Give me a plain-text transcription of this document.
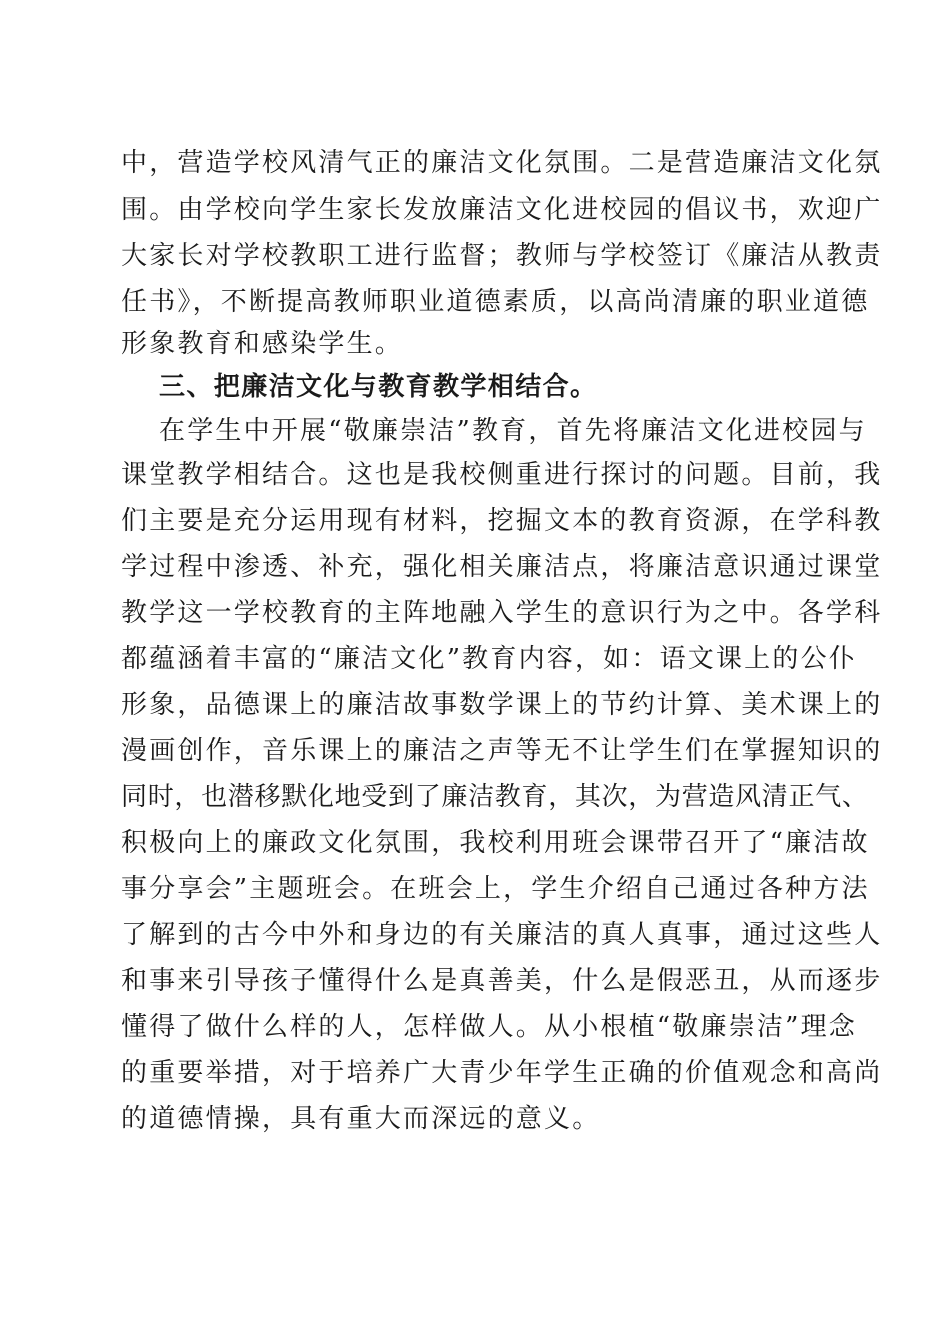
中，营造学校风清气正的廉洁文化氛围。二是营造廉洁文化氛
围。由学校向学生家长发放廉洁文化进校园的倡议书，欢迎广
大家长对学校教职工进行监督；教师与学校签订《廉洁从教责
任书》，不断提高教师职业道德素质，以高尚清廉的职业道德
形象教育和感染学生。
三、把廉洁文化与教育教学相结合。
在学生中开展“敬廉崇洁”教育，首先将廉洁文化进校园与
课堂教学相结合。这也是我校侧重进行探讨的问题。目前，我
们主要是充分运用现有材料，挖掘文本的教育资源，在学科教
学过程中渗透、补充，强化相关廉洁点，将廉洁意识通过课堂
教学这一学校教育的主阵地融入学生的意识行为之中。各学科
都蕴涵着丰富的“廉洁文化”教育内容，如：语文课上的公仆
形象，品德课上的廉洁故事数学课上的节约计算、美术课上的
漫画创作，音乐课上的廉洁之声等无不让学生们在掌握知识的
同时，也潜移默化地受到了廉洁教育，其次，为营造风清正气、
积极向上的廉政文化氛围，我校利用班会课带召开了“廉洁故
事分享会”主题班会。在班会上，学生介绍自己通过各种方法
了解到的古今中外和身边的有关廉洁的真人真事，通过这些人
和事来引导孩子懂得什么是真善美，什么是假恶丑，从而逐步
懂得了做什么样的人，怎样做人。从小根植“敬廉崇洁”理念
的重要举措，对于培养广大青少年学生正确的价值观念和高尚
的道德情操，具有重大而深远的意义。
